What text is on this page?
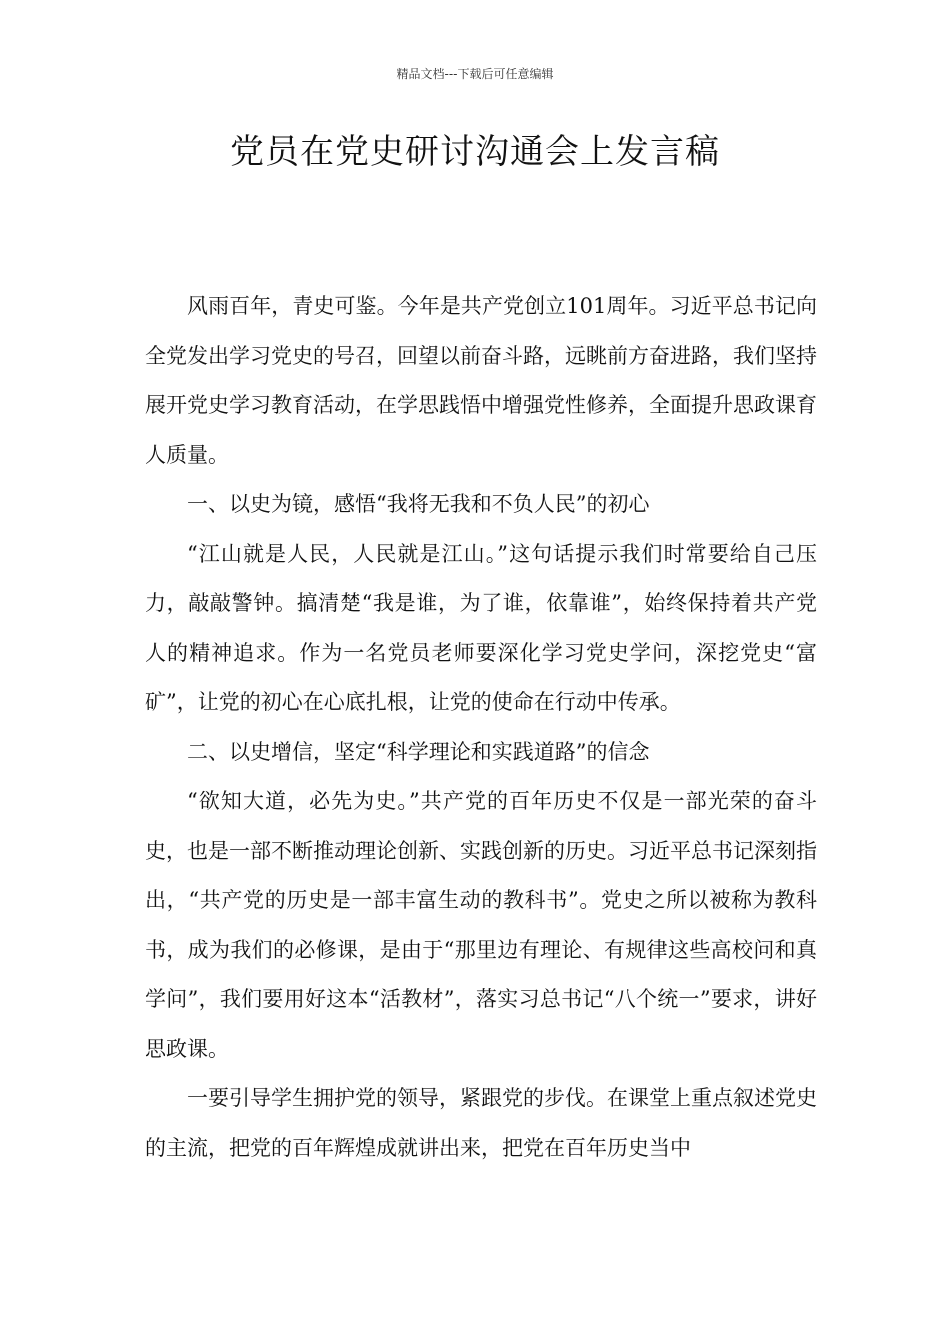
精品文档---下载后可任意编辑
党员在党史研讨沟通会上发言稿

风雨百年，青史可鉴。今年是共产党创立101周年。习近平总书记向全党发出学习党史的号召，回望以前奋斗路，远眺前方奋进路，我们坚持展开党史学习教育活动，在学思践悟中增强党性修养，全面提升思政课育人质量。

一、以史为镜，感悟“我将无我和不负人民”的初心

“江山就是人民，人民就是江山。”这句话提示我们时常要给自己压力，敲敲警钟。搞清楚“我是谁，为了谁，依靠谁”，始终保持着共产党人的精神追求。作为一名党员老师要深化学习党史学问，深挖党史“富矿”，让党的初心在心底扎根，让党的使命在行动中传承。

二、以史增信，坚定“科学理论和实践道路”的信念

“欲知大道，必先为史。”共产党的百年历史不仅是一部光荣的奋斗史，也是一部不断推动理论创新、实践创新的历史。习近平总书记深刻指出，“共产党的历史是一部丰富生动的教科书”。党史之所以被称为教科书，成为我们的必修课，是由于“那里边有理论、有规律这些高校问和真学问”，我们要用好这本“活教材”，落实习总书记“八个统一”要求，讲好思政课。

一要引导学生拥护党的领导，紧跟党的步伐。在课堂上重点叙述党史的主流，把党的百年辉煌成就讲出来，把党在百年历史当中
